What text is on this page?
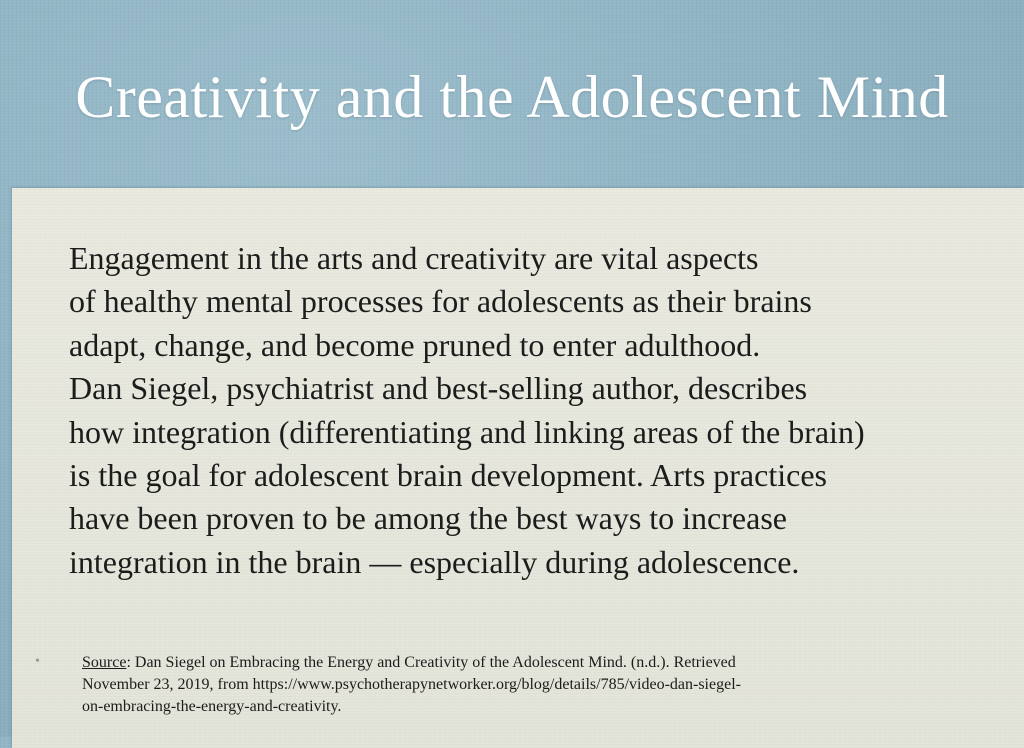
Creativity and the Adolescent Mind

Engagement in the arts and creativity are vital aspects
of healthy mental processes for adolescents as their brains
adapt, change, and become pruned to enter adulthood.
Dan Siegel, psychiatrist and best-selling author, describes
how integration (differentiating and linking areas of the brain)
is the goal for adolescent brain development. Arts practices
have been proven to be among the best ways to increase
integration in the brain — especially during adolescence.

•	Source: Dan Siegel on Embracing the Energy and Creativity of the Adolescent Mind. (n.d.). Retrieved
November 23, 2019, from https://www.psychotherapynetworker.org/blog/details/785/video-dan-siegel-
on-embracing-the-energy-and-creativity.
